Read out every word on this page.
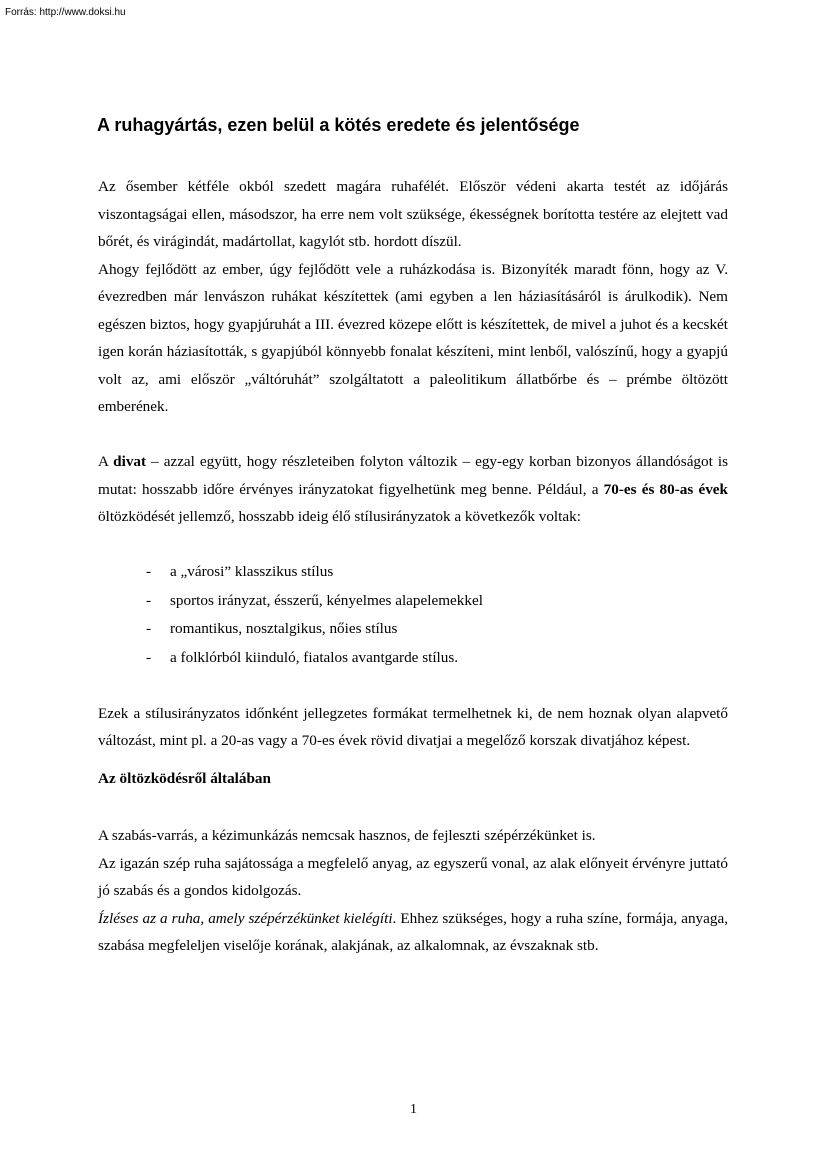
Forrás: http://www.doksi.hu
A ruhagyártás, ezen belül a kötés eredete és jelentősége

Az ősember kétféle okból szedett magára ruhafélét. Először védeni akarta testét az időjárás viszontagságai ellen, másodszor, ha erre nem volt szüksége, ékességnek borította testére az elejtett vad bőrét, és virágindát, madártollat, kagylót stb. hordott díszül.

Ahogy fejlődött az ember, úgy fejlődött vele a ruházkodása is. Bizonyíték maradt fönn, hogy az V. évezredben már lenvászon ruhákat készítettek (ami egyben a len háziasításáról is árulkodik). Nem egészen biztos, hogy gyapjúruhát a III. évezred közepe előtt is készítettek, de mivel a juhot és a kecskét igen korán háziasították, s gyapjúból könnyebb fonalat készíteni, mint lenből, valószínű, hogy a gyapjú volt az, ami először „váltóruhát” szolgáltatott a paleolitikum állatbőrbe és – prémbe öltözött emberének.

A divat – azzal együtt, hogy részleteiben folyton változik – egy-egy korban bizonyos állandóságot is mutat: hosszabb időre érvényes irányzatokat figyelhetünk meg benne. Például, a 70-es és 80-as évek öltözködését jellemző, hosszabb ideig élő stílusirányzatok a következők voltak:

- a „városi” klasszikus stílus
- sportos irányzat, ésszerű, kényelmes alapelemekkel
- romantikus, nosztalgikus, nőies stílus
- a folklórból kiinduló, fiatalos avantgarde stílus.

Ezek a stílusirányzatos időnként jellegzetes formákat termelhetnek ki, de nem hoznak olyan alapvető változást, mint pl. a 20-as vagy a 70-es évek rövid divatjai a megelőző korszak divatjához képest.

Az öltözködésről általában

A szabás-varrás, a kézimunkázás nemcsak hasznos, de fejleszti szépérzékünket is.

Az igazán szép ruha sajátossága a megfelelő anyag, az egyszerű vonal, az alak előnyeit érvényre juttató jó szabás és a gondos kidolgozás.

Ízléses az a ruha, amely szépérzékünket kielégíti. Ehhez szükséges, hogy a ruha színe, formája, anyaga, szabása megfeleljen viselője korának, alakjának, az alkalomnak, az évszaknak stb.

1
